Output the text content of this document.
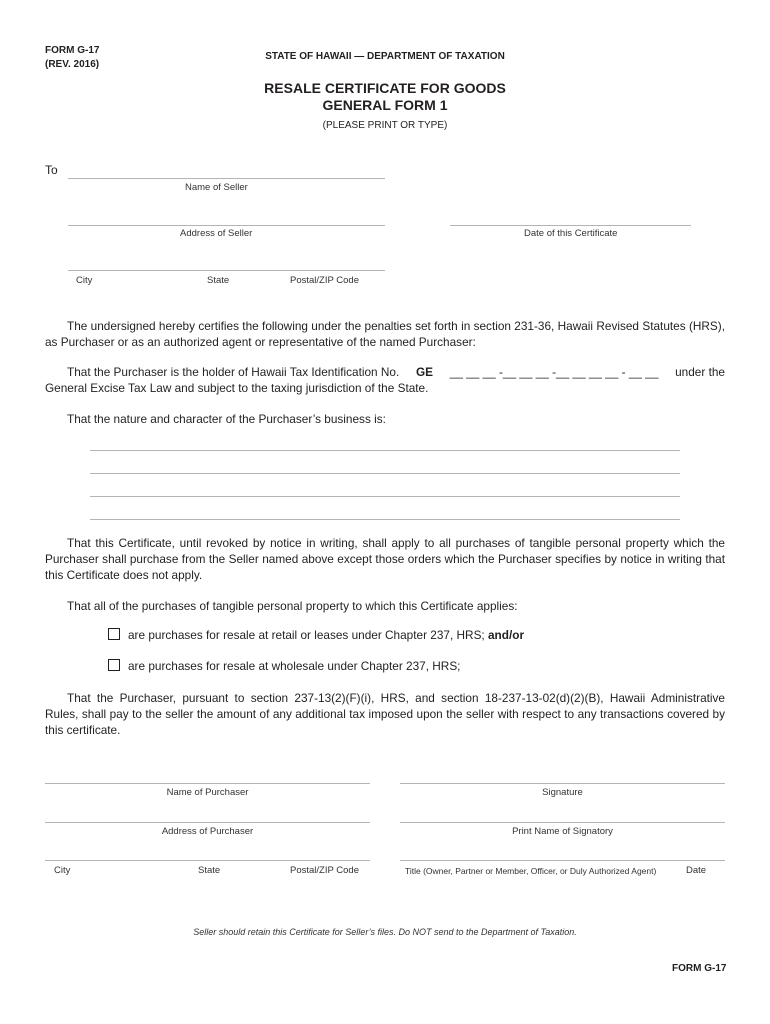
FORM G-17
(REV. 2016)
STATE OF HAWAII — DEPARTMENT OF TAXATION
RESALE CERTIFICATE FOR GOODS
GENERAL FORM 1
(PLEASE PRINT OR TYPE)
To
Name of Seller
Address of Seller	Date of this Certificate
City	State	Postal/ZIP Code
The undersigned hereby certifies the following under the penalties set forth in section 231-36, Hawaii Revised Statutes (HRS), as Purchaser or as an authorized agent or representative of the named Purchaser:
That the Purchaser is the holder of Hawaii Tax Identification No. GE __ __ __ -__ __ __ -__ __ __ __ - __ __ under the
General Excise Tax Law and subject to the taxing jurisdiction of the State.
That the nature and character of the Purchaser’s business is:
That this Certificate, until revoked by notice in writing, shall apply to all purchases of tangible personal property which the Purchaser shall purchase from the Seller named above except those orders which the Purchaser specifies by notice in writing that this Certificate does not apply.
That all of the purchases of tangible personal property to which this Certificate applies:
are purchases for resale at retail or leases under Chapter 237, HRS; and/or
are purchases for resale at wholesale under Chapter 237, HRS;
That the Purchaser, pursuant to section 237-13(2)(F)(i), HRS, and section 18-237-13-02(d)(2)(B), Hawaii Administrative Rules, shall pay to the seller the amount of any additional tax imposed upon the seller with respect to any transactions covered by this certificate.
Name of Purchaser	Signature
Address of Purchaser	Print Name of Signatory
City	State	Postal/ZIP Code	Title (Owner, Partner or Member, Officer, or Duly Authorized Agent)	Date
Seller should retain this Certificate for Seller’s files. Do NOT send to the Department of Taxation.
FORM G-17
